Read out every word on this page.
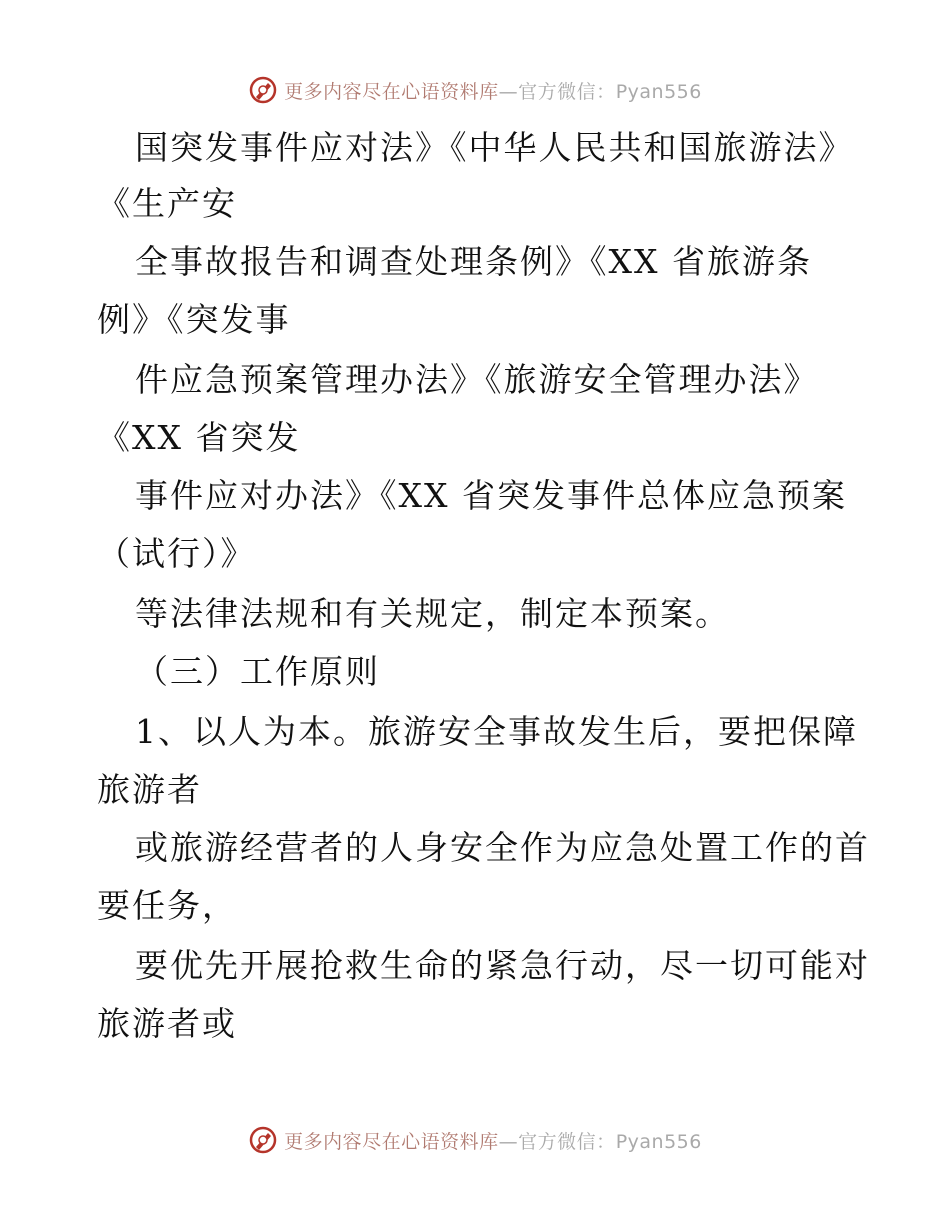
更多内容尽在心语资料库—官方微信：Pyan556
国突发事件应对法》《中华人民共和国旅游法》
《生产安
全事故报告和调查处理条例》《XX 省旅游条
例》《突发事
件应急预案管理办法》《旅游安全管理办法》
《XX 省突发
事件应对办法》《XX 省突发事件总体应急预案
（试行）》
等法律法规和有关规定，制定本预案。
（三）工作原则
1、以人为本。旅游安全事故发生后，要把保障
旅游者
或旅游经营者的人身安全作为应急处置工作的首
要任务，
要优先开展抢救生命的紧急行动，尽一切可能对
旅游者或
更多内容尽在心语资料库—官方微信：Pyan556
